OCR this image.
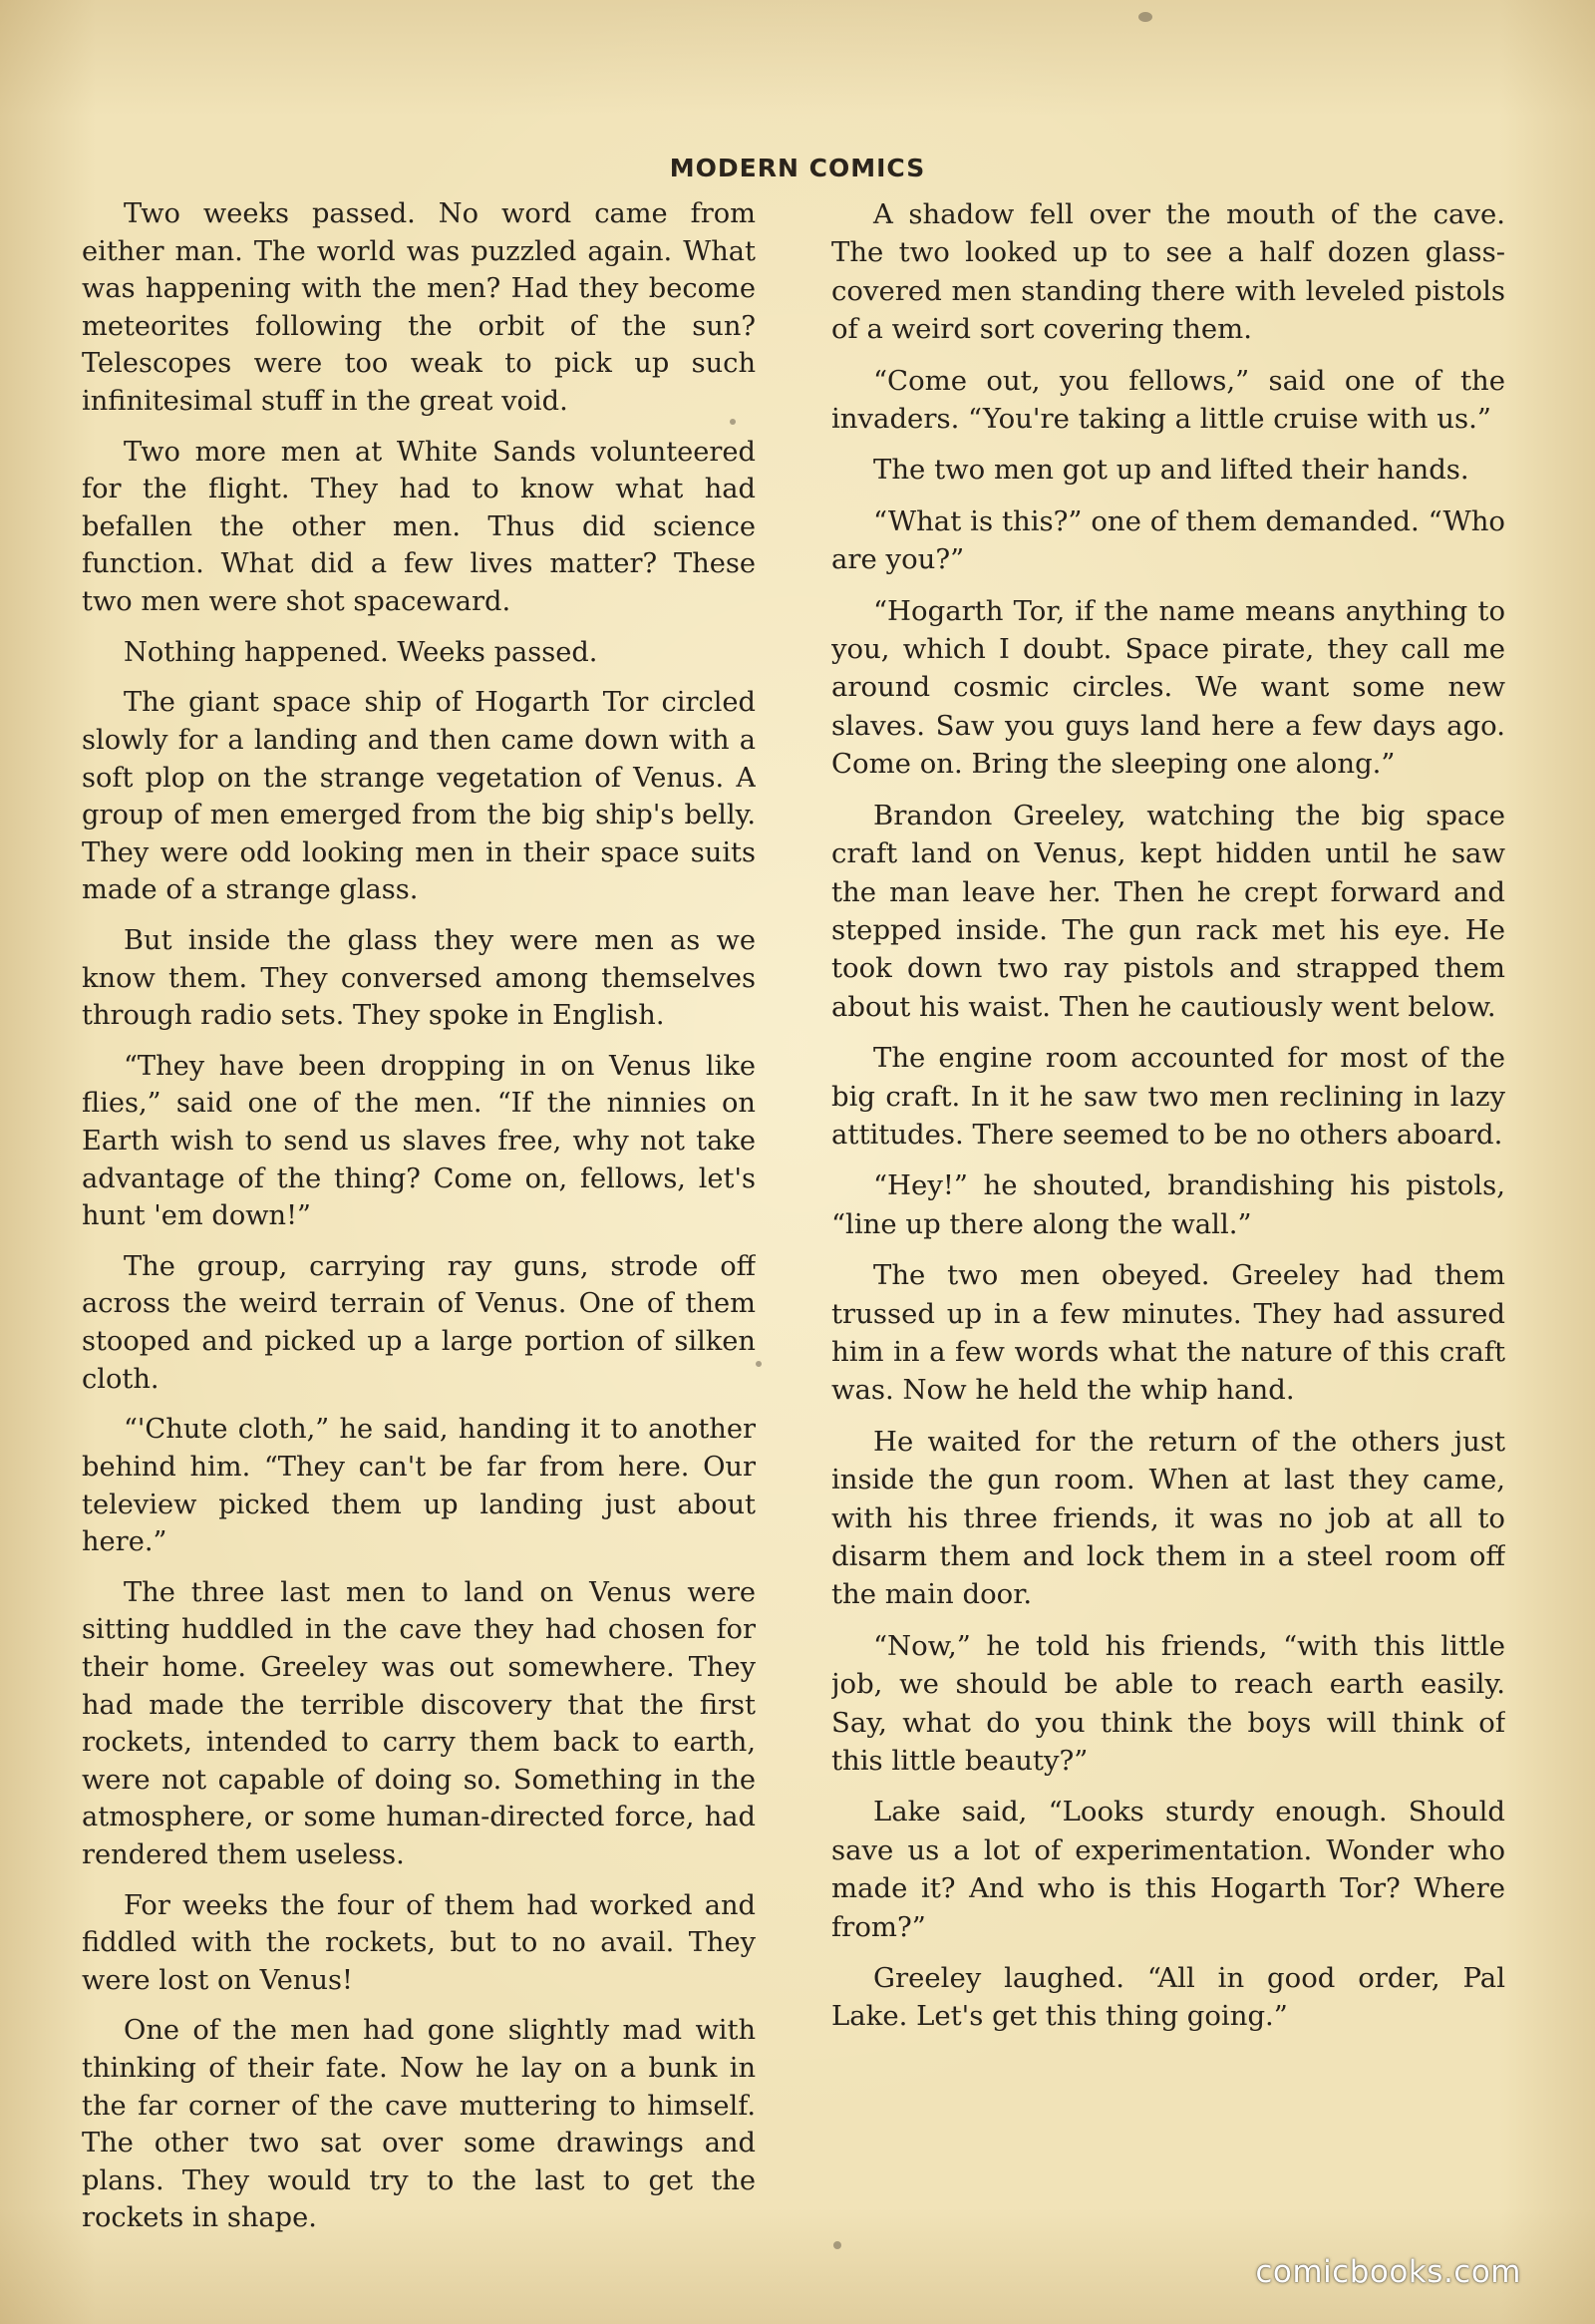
MODERN COMICS

Two weeks passed. No word came from either man. The world was puzzled again. What was happening with the men? Had they become meteorites following the orbit of the sun? Telescopes were too weak to pick up such infinitesimal stuff in the great void.

Two more men at White Sands volunteered for the flight. They had to know what had befallen the other men. Thus did science function. What did a few lives matter? These two men were shot spaceward.

Nothing happened. Weeks passed.

The giant space ship of Hogarth Tor circled slowly for a landing and then came down with a soft plop on the strange vegetation of Venus. A group of men emerged from the big ship's belly. They were odd looking men in their space suits made of a strange glass.

But inside the glass they were men as we know them. They conversed among themselves through radio sets. They spoke in English.

“They have been dropping in on Venus like flies,” said one of the men. “If the ninnies on Earth wish to send us slaves free, why not take advantage of the thing? Come on, fellows, let's hunt 'em down!”

The group, carrying ray guns, strode off across the weird terrain of Venus. One of them stooped and picked up a large portion of silken cloth.

“'Chute cloth,” he said, handing it to another behind him. “They can't be far from here. Our teleview picked them up landing just about here.”

The three last men to land on Venus were sitting huddled in the cave they had chosen for their home. Greeley was out somewhere. They had made the terrible discovery that the first rockets, intended to carry them back to earth, were not capable of doing so. Something in the atmosphere, or some human-directed force, had rendered them useless.

For weeks the four of them had worked and fiddled with the rockets, but to no avail. They were lost on Venus!

One of the men had gone slightly mad with thinking of their fate. Now he lay on a bunk in the far corner of the cave muttering to himself. The other two sat over some drawings and plans. They would try to the last to get the rockets in shape.

A shadow fell over the mouth of the cave. The two looked up to see a half dozen glass-covered men standing there with leveled pistols of a weird sort covering them.

“Come out, you fellows,” said one of the invaders. “You're taking a little cruise with us.”

The two men got up and lifted their hands.

“What is this?” one of them demanded. “Who are you?”

“Hogarth Tor, if the name means anything to you, which I doubt. Space pirate, they call me around cosmic circles. We want some new slaves. Saw you guys land here a few days ago. Come on. Bring the sleeping one along.”

Brandon Greeley, watching the big space craft land on Venus, kept hidden until he saw the man leave her. Then he crept forward and stepped inside. The gun rack met his eye. He took down two ray pistols and strapped them about his waist. Then he cautiously went below.

The engine room accounted for most of the big craft. In it he saw two men reclining in lazy attitudes. There seemed to be no others aboard.

“Hey!” he shouted, brandishing his pistols, “line up there along the wall.”

The two men obeyed. Greeley had them trussed up in a few minutes. They had assured him in a few words what the nature of this craft was. Now he held the whip hand.

He waited for the return of the others just inside the gun room. When at last they came, with his three friends, it was no job at all to disarm them and lock them in a steel room off the main door.

“Now,” he told his friends, “with this little job, we should be able to reach earth easily. Say, what do you think the boys will think of this little beauty?”

Lake said, “Looks sturdy enough. Should save us a lot of experimentation. Wonder who made it? And who is this Hogarth Tor? Where from?”

Greeley laughed. “All in good order, Pal Lake. Let's get this thing going.”

comicbooks.com
